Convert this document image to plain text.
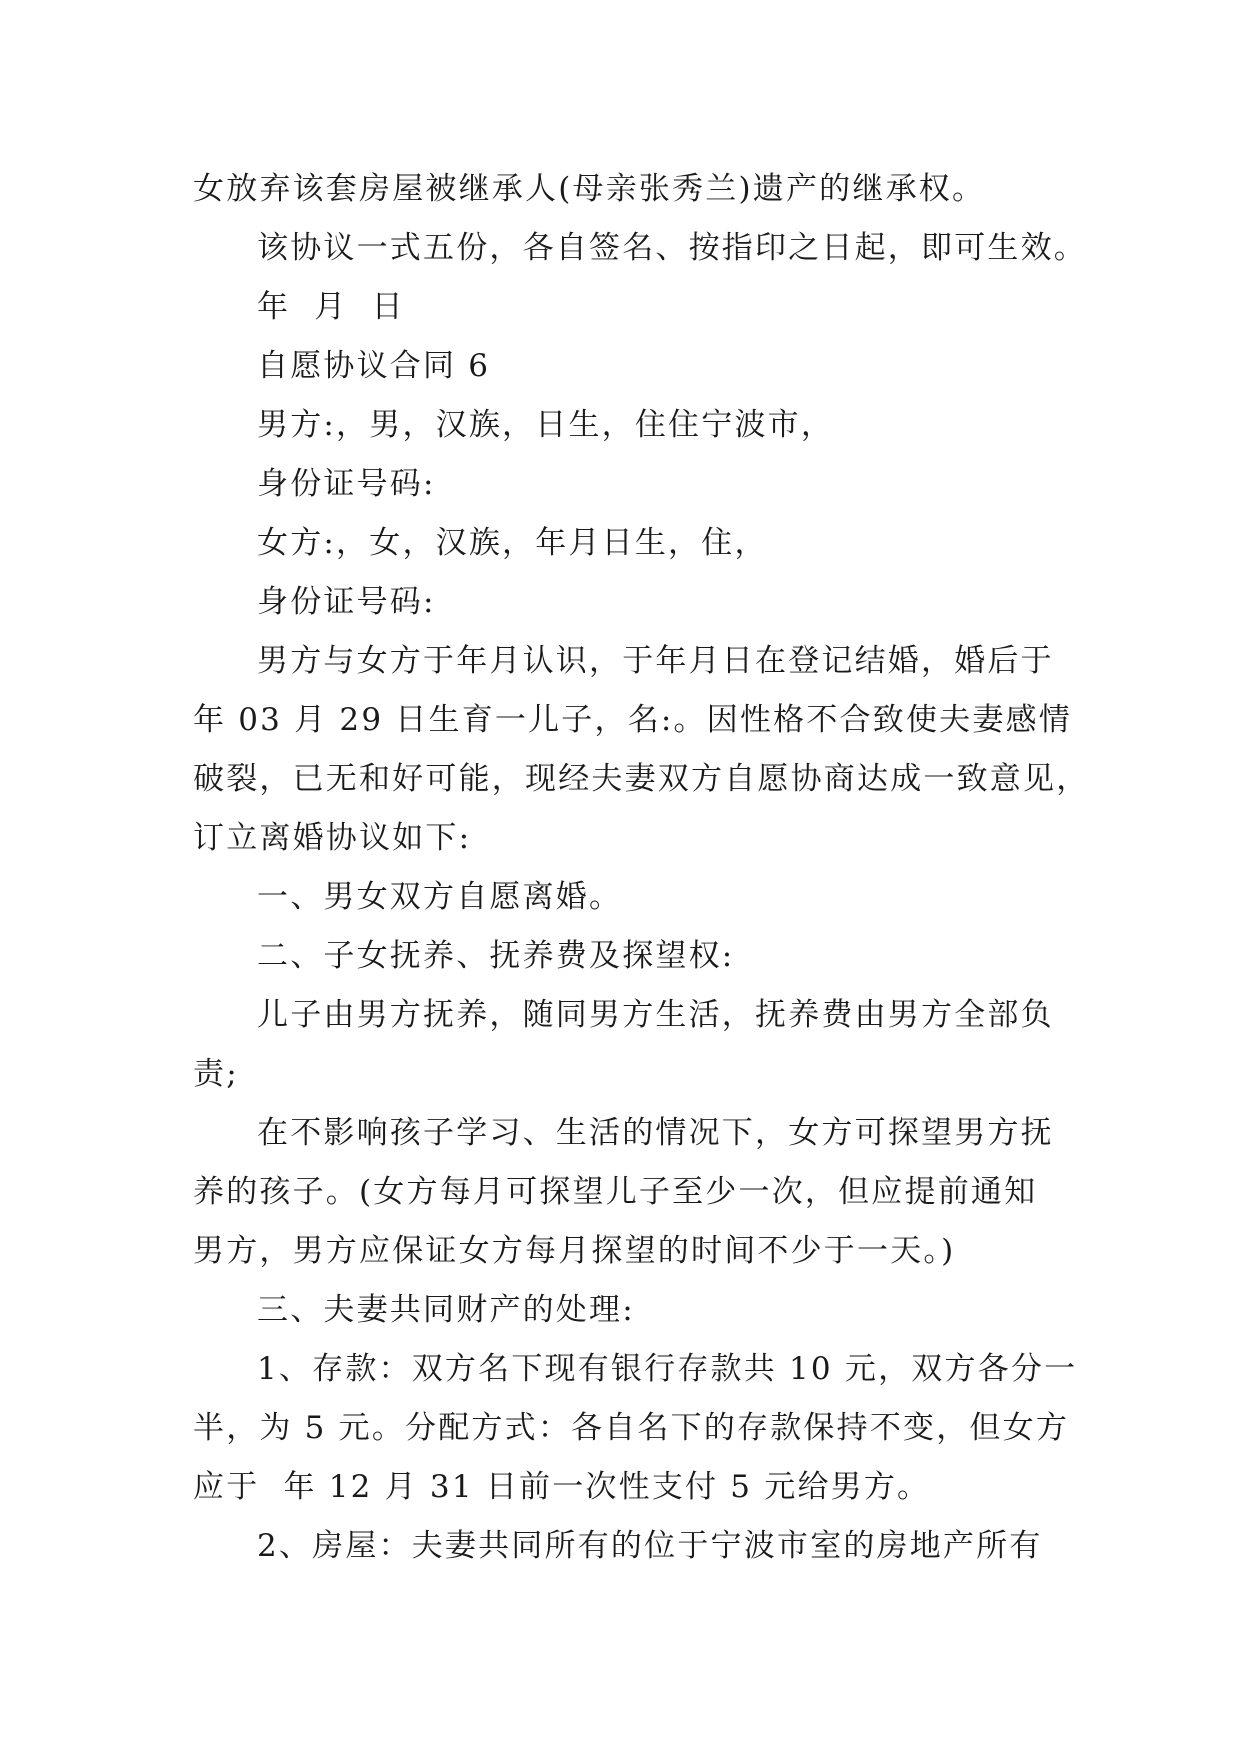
女放弃该套房屋被继承人(母亲张秀兰)遗产的继承权。
该协议一式五份，各自签名、按指印之日起，即可生效。
年  月  日
自愿协议合同 6
男方:，男，汉族，日生，住住宁波市，
身份证号码:
女方:，女，汉族，年月日生，住，
身份证号码:
男方与女方于年月认识，于年月日在登记结婚，婚后于
年 03 月 29 日生育一儿子，名:。因性格不合致使夫妻感情
破裂，已无和好可能，现经夫妻双方自愿协商达成一致意见，
订立离婚协议如下:
一、男女双方自愿离婚。
二、子女抚养、抚养费及探望权:
儿子由男方抚养，随同男方生活，抚养费由男方全部负
责;
在不影响孩子学习、生活的情况下，女方可探望男方抚
养的孩子。(女方每月可探望儿子至少一次，但应提前通知
男方，男方应保证女方每月探望的时间不少于一天。)
三、夫妻共同财产的处理:
1、存款：双方名下现有银行存款共 10 元，双方各分一
半，为 5 元。分配方式：各自名下的存款保持不变，但女方
应于  年 12 月 31 日前一次性支付 5 元给男方。
2、房屋：夫妻共同所有的位于宁波市室的房地产所有
